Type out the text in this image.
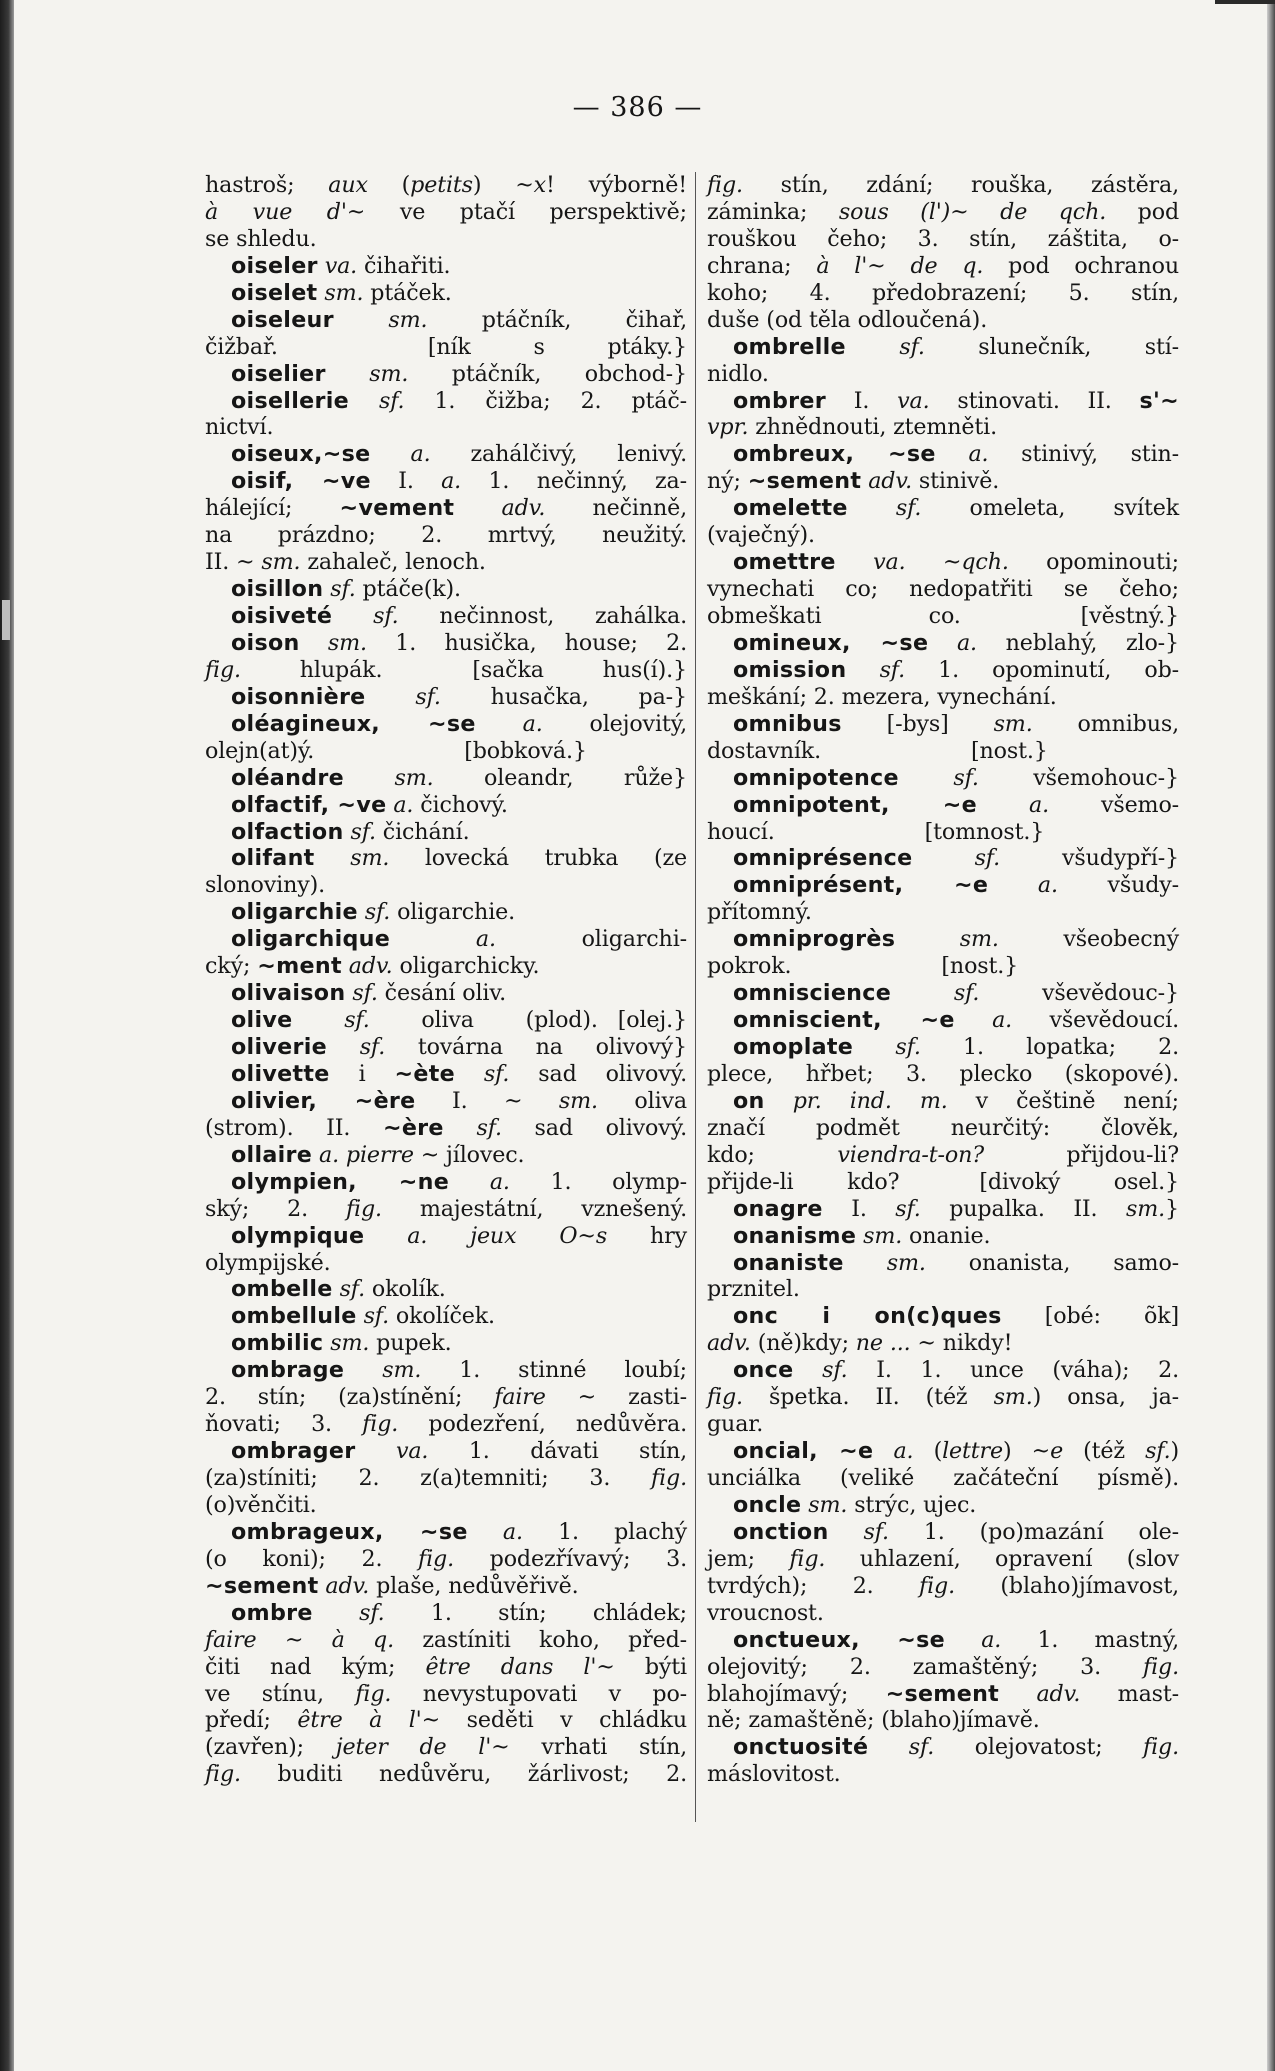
— 386 —
hastroš; aux (petits) ~x! výborně!
à vue d'~ ve ptačí perspektivě;
se shledu.
oiseler va. čihařiti.
oiselet sm. ptáček.
oiseleur sm. ptáčník, čihař,
čižbař.	[ník s ptáky.}
oiselier sm. ptáčník, obchod-}
oisellerie sf. 1. čižba; 2. ptáč-
nictví.
oiseux,~se a. zahálčivý, lenivý.
oisif, ~ve I. a. 1. nečinný, za-
hálející; ~vement adv. nečinně,
na prázdno; 2. mrtvý, neužitý.
II. ~ sm. zahaleč, lenoch.
oisillon sf. ptáče(k).
oisiveté sf. nečinnost, zahálka.
oison sm. 1. husička, house; 2.
fig. hlupák.	[sačka hus(í).}
oisonnière sf. husačka, pa-}
oléagineux, ~se a. olejovitý,
olejn(at)ý.	[bobková.}
oléandre sm. oleandr, růže}
olfactif, ~ve a. čichový.
olfaction sf. čichání.
olifant sm. lovecká trubka (ze
slonoviny).
oligarchie sf. oligarchie.
oligarchique	a. oligarchi-
cký; ~ment adv. oligarchicky.
olivaison sf. česání oliv.
olive sf. oliva (plod). [olej.}
oliverie sf. továrna na olivový}
olivette i ~ète sf. sad olivový.
olivier, ~ère I. ~ sm. oliva
(strom). II. ~ère sf. sad olivový.
ollaire a. pierre ~ jílovec.
olympien, ~ne a. 1. olymp-
ský; 2. fig. majestátní, vznešený.
olympique a. jeux O~s hry
olympijské.
ombelle sf. okolík.
ombellule sf. okolíček.
ombilic sm. pupek.
ombrage sm. 1. stinné loubí;
2. stín; (za)stínění; faire ~ zasti-
ňovati; 3. fig. podezření, nedůvěra.
ombrager va. 1. dávati stín,
(za)stíniti; 2. z(a)temniti; 3. fig.
(o)věnčiti.
ombrageux, ~se a. 1. plachý
(o koni); 2. fig. podezřívavý; 3.
~sement adv. plaše, nedůvěřivě.
ombre sf. 1. stín; chládek;
faire ~ à q. zastíniti koho, před-
čiti nad kým; être dans l'~ býti
ve stínu, fig. nevystupovati v po-
předí; être à l'~ seděti v chládku
(zavřen); jeter de l'~ vrhati stín,
fig. buditi nedůvěru, žárlivost; 2.
fig. stín, zdání; rouška, zástěra,
záminka; sous (l')~ de qch. pod
rouškou čeho; 3. stín, záštita, o-
chrana; à l'~ de q. pod ochranou
koho; 4. předobrazení; 5. stín,
duše (od těla odloučená).
ombrelle sf. slunečník, stí-
nidlo.
ombrer I. va. stinovati. II. s'~
vpr. zhnědnouti, ztemněti.
ombreux, ~se a. stinivý, stin-
ný; ~sement adv. stinivě.
omelette sf. omeleta, svítek
(vaječný).
omettre va. ~qch. opominouti;
vynechati co; nedopatřiti se čeho;
obmeškati co.	[věstný.}
omineux, ~se a. neblahý, zlo-}
omission sf. 1. opominutí, ob-
meškání; 2. mezera, vynechání.
omnibus [-bys] sm. omnibus,
dostavník.	[nost.}
omnipotence sf. všemohouc-}
omnipotent, ~e a. všemo-
houcí.	[tomnost.}
omniprésence	sf. všudypří-}
omniprésent, ~e a. všudy-
přítomný.
omniprogrès	sm. všeobecný
pokrok.	[nost.}
omniscience	sf. vševědouc-}
omniscient, ~e a. vševědoucí.
omoplate sf. 1. lopatka; 2.
plece, hřbet; 3. plecko (skopové).
on pr. ind. m. v češtině není;
značí podmět neurčitý: člověk,
kdo; viendra-t-on? přijdou-li?
přijde-li kdo?	[divoký osel.}
onagre I. sf. pupalka. II. sm.}
onanisme sm. onanie.
onaniste sm. onanista, samo-
prznitel.
onc i on(c)ques [obé: õk]
adv. (ně)kdy; ne ... ~ nikdy!
once sf. I. 1. unce (váha); 2.
fig. špetka. II. (též sm.) onsa, ja-
guar.
oncial, ~e a. (lettre) ~e (též sf.)
unciálka (veliké začáteční písmě).
oncle sm. strýc, ujec.
onction sf. 1. (po)mazání ole-
jem; fig. uhlazení, opravení (slov
tvrdých); 2. fig. (blaho)jímavost,
vroucnost.
onctueux, ~se a. 1. mastný,
olejovitý; 2. zamaštěný; 3. fig.
blahojímavý; ~sement adv. mast-
ně; zamaštěně; (blaho)jímavě.
onctuosité sf. olejovatost; fig.
máslovitost.
